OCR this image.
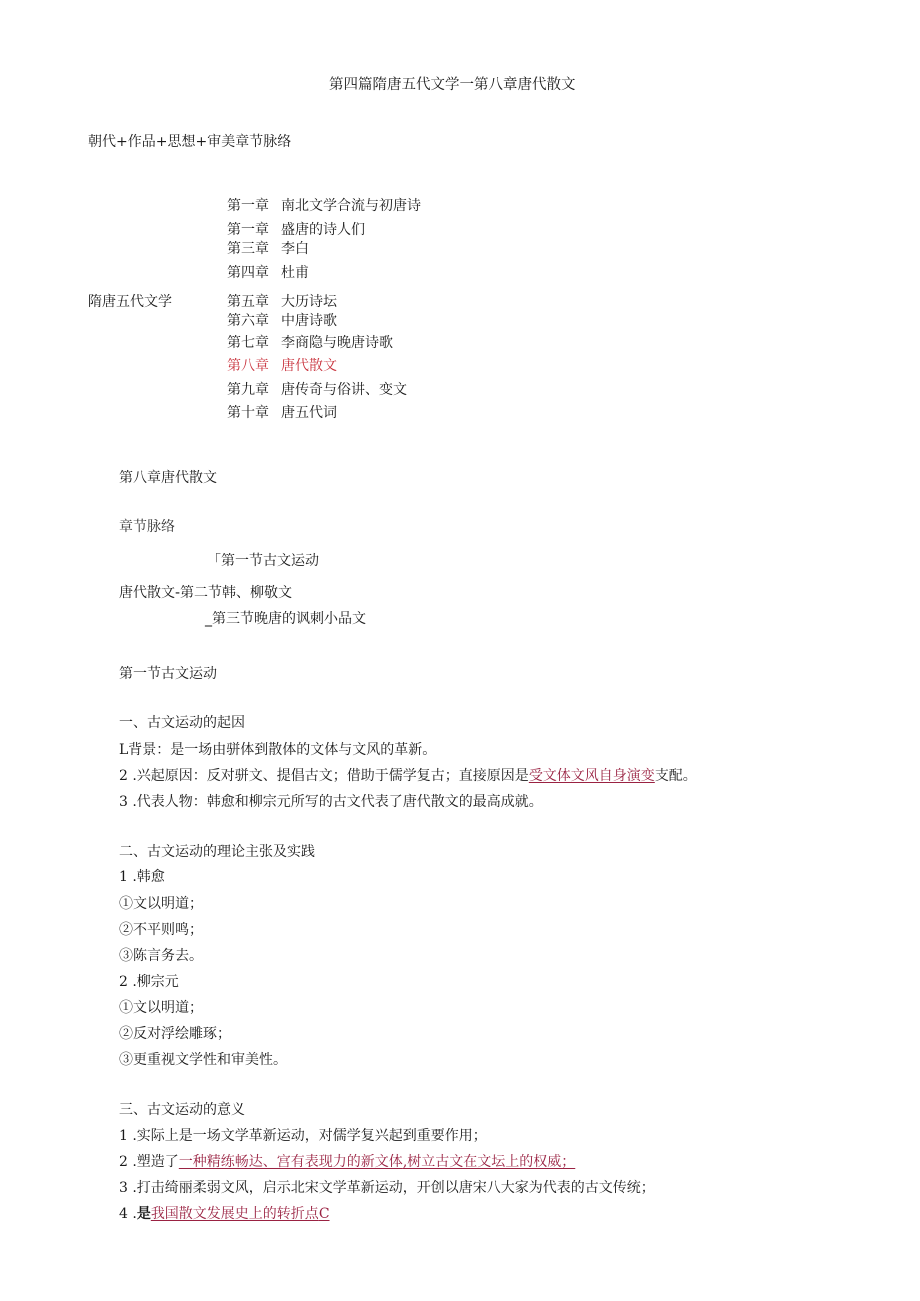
第四篇隋唐五代文学一第八章唐代散文
朝代+作品+思想+审美章节脉络
隋唐五代文学
第一章 南北文学合流与初唐诗
第一章 盛唐的诗人们
第三章 李白
第四章 杜甫
第五章 大历诗坛
第六章 中唐诗歌
第七章 李商隐与晚唐诗歌
第八章 唐代散文
第九章 唐传奇与俗讲、变文
第十章 唐五代词
第八章唐代散文
章节脉络
「第一节古文运动
唐代散文-第二节韩、柳敬文
_第三节晚唐的讽刺小品文
第一节古文运动
一、古文运动的起因
L背景：是一场由骈体到散体的文体与文风的革新。
2 .兴起原因：反对骈文、提倡古文；借助于儒学复古；直接原因是受文体文风自身演变支配。
3 .代表人物：韩愈和柳宗元所写的古文代表了唐代散文的最高成就。
二、古文运动的理论主张及实践
1 .韩愈
①文以明道；
②不平则鸣；
③陈言务去。
2 .柳宗元
①文以明道；
②反对浮绘雕琢；
③更重视文学性和审美性。
三、古文运动的意义
1 .实际上是一场文学革新运动，对儒学复兴起到重要作用；
2 .塑造了一种精练畅达、宫有表现力的新文体,树立古文在文坛上的权威；
3 .打击绮丽柔弱文风，启示北宋文学革新运动，开创以唐宋八大家为代表的古文传统；
4 .是我国散文发展史上的转折点C
